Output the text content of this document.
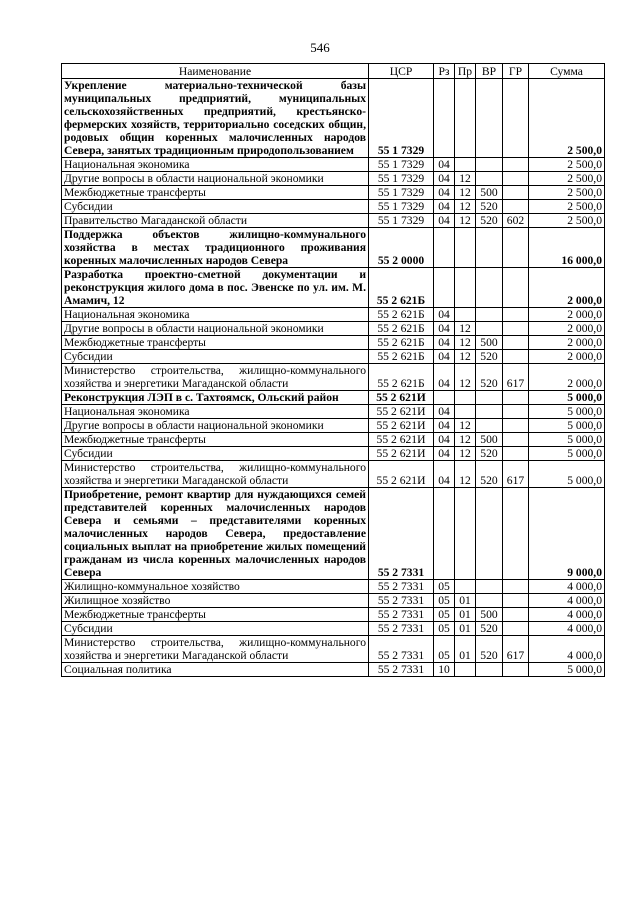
546
Наименование	ЦСР	Рз	Пр	ВР	ГР	Сумма
Укрепление материально-технической базы муниципальных предприятий, муниципальных сельскохозяйственных предприятий, крестьянско-фермерских хозяйств, территориально соседских общин, родовых общин коренных малочисленных народов Севера, занятых традиционным природопользованием	55 1 7329					2 500,0
Национальная экономика	55 1 7329	04				2 500,0
Другие вопросы в области национальной экономики	55 1 7329	04	12			2 500,0
Межбюджетные трансферты	55 1 7329	04	12	500		2 500,0
Субсидии	55 1 7329	04	12	520		2 500,0
Правительство Магаданской области	55 1 7329	04	12	520	602	2 500,0
Поддержка объектов жилищно-коммунального хозяйства в местах традиционного проживания коренных малочисленных народов Севера	55 2 0000					16 000,0
Разработка проектно-сметной документации и реконструкция жилого дома в пос. Эвенске по ул. им. М. Амамич, 12	55 2 621Б					2 000,0
Национальная экономика	55 2 621Б	04				2 000,0
Другие вопросы в области национальной экономики	55 2 621Б	04	12			2 000,0
Межбюджетные трансферты	55 2 621Б	04	12	500		2 000,0
Субсидии	55 2 621Б	04	12	520		2 000,0
Министерство строительства, жилищно-коммунального хозяйства и энергетики Магаданской области	55 2 621Б	04	12	520	617	2 000,0
Реконструкция ЛЭП в с. Тахтоямск, Ольский район	55 2 621И					5 000,0
Национальная экономика	55 2 621И	04				5 000,0
Другие вопросы в области национальной экономики	55 2 621И	04	12			5 000,0
Межбюджетные трансферты	55 2 621И	04	12	500		5 000,0
Субсидии	55 2 621И	04	12	520		5 000,0
Министерство строительства, жилищно-коммунального хозяйства и энергетики Магаданской области	55 2 621И	04	12	520	617	5 000,0
Приобретение, ремонт квартир для нуждающихся семей представителей коренных малочисленных народов Севера и семьями – представителями коренных малочисленных народов Севера, предоставление социальных выплат на приобретение жилых помещений гражданам из числа коренных малочисленных народов Севера	55 2 7331					9 000,0
Жилищно-коммунальное хозяйство	55 2 7331	05				4 000,0
Жилищное хозяйство	55 2 7331	05	01			4 000,0
Межбюджетные трансферты	55 2 7331	05	01	500		4 000,0
Субсидии	55 2 7331	05	01	520		4 000,0
Министерство строительства, жилищно-коммунального хозяйства и энергетики Магаданской области	55 2 7331	05	01	520	617	4 000,0
Социальная политика	55 2 7331	10				5 000,0
